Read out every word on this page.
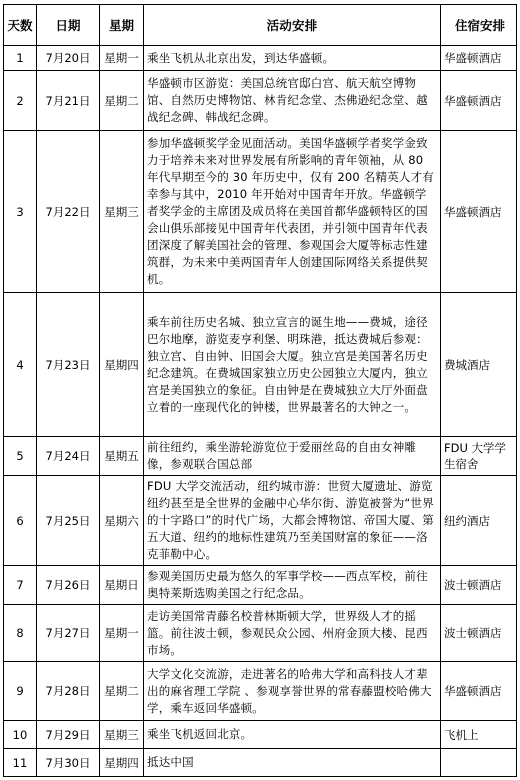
天数	日期	星期	活动安排	住宿安排
1	7月20日	星期一	乘坐飞机从北京出发，到达华盛顿。	华盛顿酒店
2	7月21日	星期二	华盛顿市区游览：美国总统官邸白宫、航天航空博物馆、自然历史博物馆、林肯纪念堂、杰佛逊纪念堂、越战纪念碑、韩战纪念碑。	华盛顿酒店
3	7月22日	星期三	参加华盛顿奖学金见面活动。美国华盛顿学者奖学金致力于培养未来对世界发展有所影响的青年领袖，从 80 年代早期至今的 30 年历史中，仅有 200 名精英人才有幸参与其中，2010 年开始对中国青年开放。华盛顿学者奖学金的主席团及成员将在美国首都华盛顿特区的国会山俱乐部接见中国青年代表团，并引领中国青年代表团深度了解美国社会的管理、参观国会大厦等标志性建筑群，为未来中美两国青年人创建国际网络关系提供契机。	华盛顿酒店
4	7月23日	星期四	乘车前往历史名城、独立宣言的诞生地——费城，途径巴尔地摩，游览麦亨利堡、明珠港，抵达费城后参观：独立宫、自由钟、旧国会大厦。独立宫是美国著名历史纪念建筑。在费城国家独立历史公园独立大厦内，独立宫是美国独立的象征。自由钟是在费城独立大厅外面盘立着的一座现代化的钟楼，世界最著名的大钟之一。	费城酒店
5	7月24日	星期五	前往纽约，乘坐游轮游览位于爱丽丝岛的自由女神雕像，参观联合国总部	FDU 大学学生宿舍
6	7月25日	星期六	FDU 大学交流活动，纽约城市游：世贸大厦遗址、游览纽约甚至是全世界的金融中心华尔街、游览被誉为“世界的十字路口”的时代广场，大都会博物馆、帝国大厦、第五大道、纽约的地标性建筑乃至美国财富的象征——洛克菲勒中心。	纽约酒店
7	7月26日	星期日	参观美国历史最为悠久的军事学校——西点军校，前往奥特莱斯选购美国之行纪念品。	波士顿酒店
8	7月27日	星期一	走访美国常青藤名校普林斯顿大学，世界级人才的摇篮。前往波士顿，参观民众公园、州府金顶大楼、昆西市场。	波士顿酒店
9	7月28日	星期二	大学文化交流游，走进著名的哈弗大学和高科技人才辈出的麻省理工学院 、参观享誉世界的常春藤盟校哈佛大学，乘车返回华盛顿。	华盛顿酒店
10	7月29日	星期三	乘坐飞机返回北京。	飞机上
11	7月30日	星期四	抵达中国	
